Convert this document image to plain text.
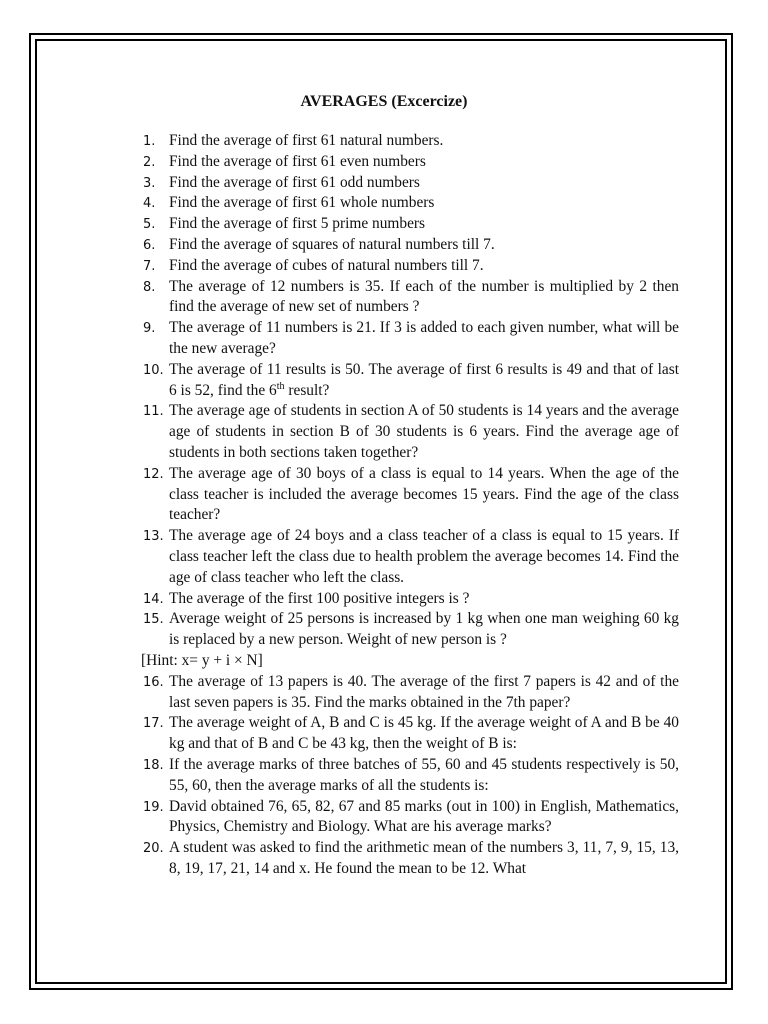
AVERAGES (Excercize)
1. Find the average of first 61 natural numbers.
2. Find the average of first 61 even numbers
3. Find the average of first 61 odd numbers
4. Find the average of first 61 whole numbers
5. Find the average of first 5 prime numbers
6. Find the average of squares of natural numbers till 7.
7. Find the average of cubes of natural numbers till 7.
8. The average of 12 numbers is 35. If each of the number is multiplied by 2 then find the average of new set of numbers ?
9. The average of 11 numbers is 21. If 3 is added to each given number, what will be the new average?
10. The average of 11 results is 50. The average of first 6 results is 49 and that of last 6 is 52, find the 6th result?
11. The average age of students in section A of 50 students is 14 years and the average age of students in section B of 30 students is 6 years. Find the average age of students in both sections taken together?
12. The average age of 30 boys of a class is equal to 14 years. When the age of the class teacher is included the average becomes 15 years. Find the age of the class teacher?
13. The average age of 24 boys and a class teacher of a class is equal to 15 years. If class teacher left the class due to health problem the average becomes 14. Find the age of class teacher who left the class.
14. The average of the first 100 positive integers is ?
15. Average weight of 25 persons is increased by 1 kg when one man weighing 60 kg is replaced by a new person. Weight of new person is ?
[Hint: x= y + i × N]
16. The average of 13 papers is 40. The average of the first 7 papers is 42 and of the last seven papers is 35. Find the marks obtained in the 7th paper?
17. The average weight of A, B and C is 45 kg. If the average weight of A and B be 40 kg and that of B and C be 43 kg, then the weight of B is:
18. If the average marks of three batches of 55, 60 and 45 students respectively is 50, 55, 60, then the average marks of all the students is:
19. David obtained 76, 65, 82, 67 and 85 marks (out in 100) in English, Mathematics, Physics, Chemistry and Biology. What are his average marks?
20. A student was asked to find the arithmetic mean of the numbers 3, 11, 7, 9, 15, 13, 8, 19, 17, 21, 14 and x. He found the mean to be 12. What
